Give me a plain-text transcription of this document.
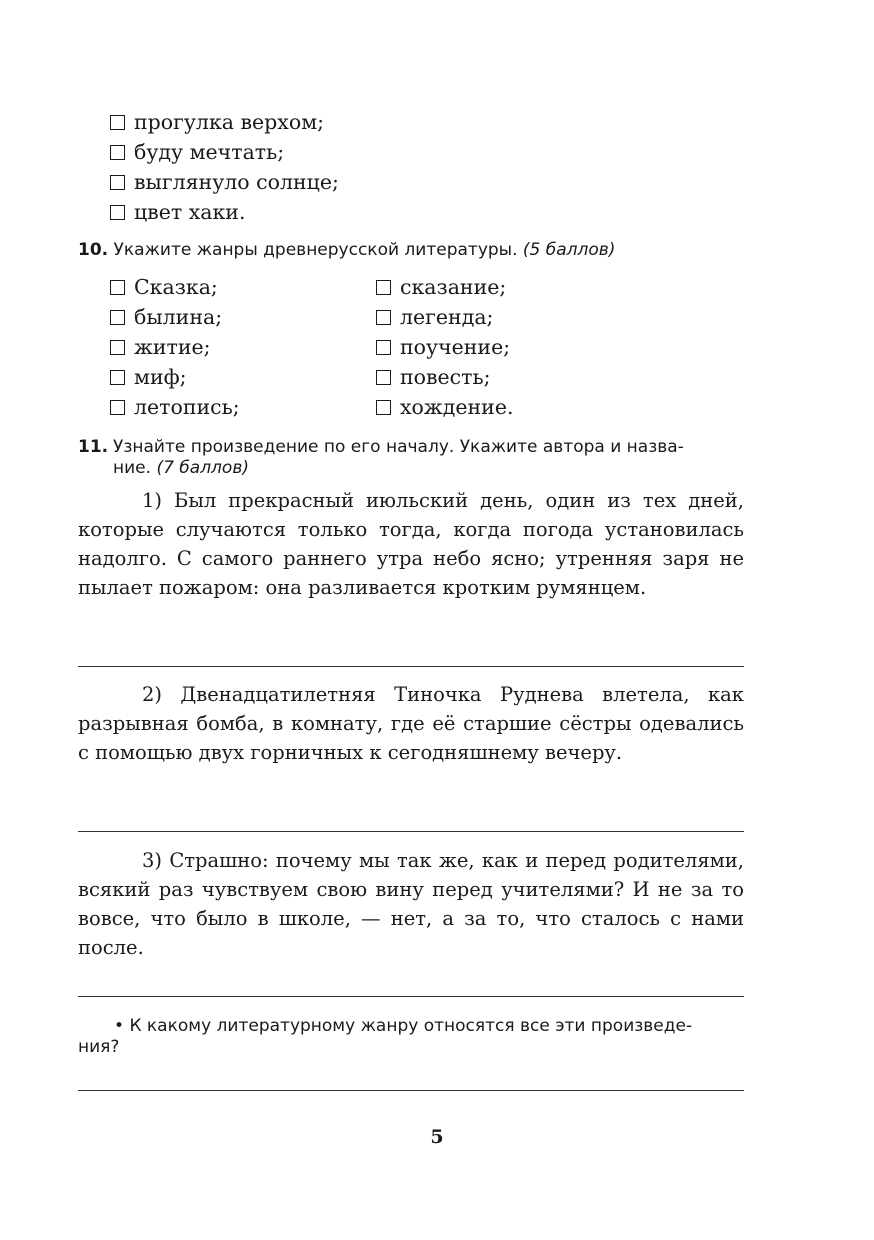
прогулка верхом;
буду мечтать;
выглянуло солнце;
цвет хаки.
10. Укажите жанры древнерусской литературы. (5 баллов)
Сказка;
былина;
житие;
миф;
летопись;
сказание;
легенда;
поучение;
повесть;
хождение.
11. Узнайте произведение по его началу. Укажите автора и назва-
ние. (7 баллов)
1) Был прекрасный июльский день, один из тех дней, которые случаются только тогда, когда погода установилась надолго. С самого раннего утра небо ясно; утренняя заря не пылает пожаром: она разливается кротким румянцем.
2) Двенадцатилетняя Тиночка Руднева влетела, как разрывная бомба, в комнату, где её старшие сёстры одевались с помощью двух горничных к сегодняшнему вечеру.
3) Страшно: почему мы так же, как и перед родителями, всякий раз чувствуем свою вину перед учителями? И не за то вовсе, что было в школе, — нет, а за то, что сталось с нами после.
• К какому литературному жанру относятся все эти произведе-
ния?
5
